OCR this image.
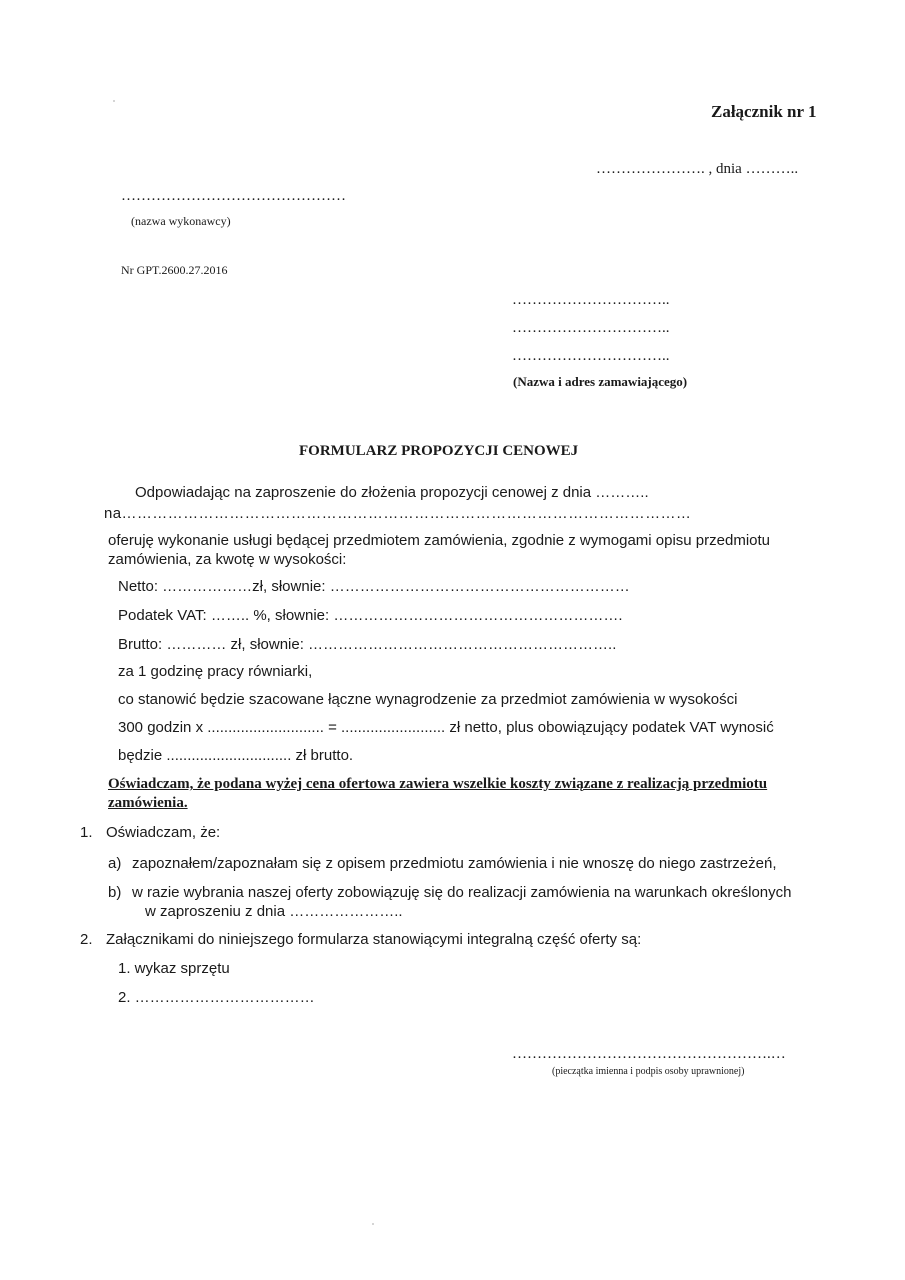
Załącznik nr 1
…………………. , dnia ………..
………………………………………
(nazwa wykonawcy)
Nr GPT.2600.27.2016
…………………………..
…………………………..
…………………………..
(Nazwa i adres zamawiającego)
FORMULARZ PROPOZYCJI CENOWEJ
Odpowiadając na zaproszenie do złożenia propozycji cenowej z dnia ………..
na…………………………………………………………………………………………………
oferuję wykonanie usługi będącej przedmiotem zamówienia, zgodnie z wymogami opisu przedmiotu
zamówienia, za kwotę w wysokości:
Netto: ………………zł, słownie: ……………………………………………………
Podatek VAT: …….. %, słownie: ………………………………………………….
Brutto: ………… zł, słownie: ……………………………………………………..
za 1 godzinę pracy równiarki,
co stanowić będzie szacowane łączne wynagrodzenie za przedmiot zamówienia w wysokości
300 godzin x ............................ = ......................... zł netto, plus obowiązujący podatek VAT wynosić
będzie .............................. zł brutto.
Oświadczam, że podana wyżej cena ofertowa zawiera wszelkie koszty związane z realizacją przedmiotu
zamówienia.
1. Oświadczam, że:
a) zapoznałem/zapoznałam się z opisem przedmiotu zamówienia i nie wnoszę do niego zastrzeżeń,
b) w razie wybrania naszej oferty zobowiązuję się do realizacji zamówienia na warunkach określonych
w zaproszeniu z dnia …………………..
2. Załącznikami do niniejszego formularza stanowiącymi integralną część oferty są:
1. wykaz sprzętu
2. ………………………………
…………………………………………….…
(pieczątka imienna i podpis osoby uprawnionej)
